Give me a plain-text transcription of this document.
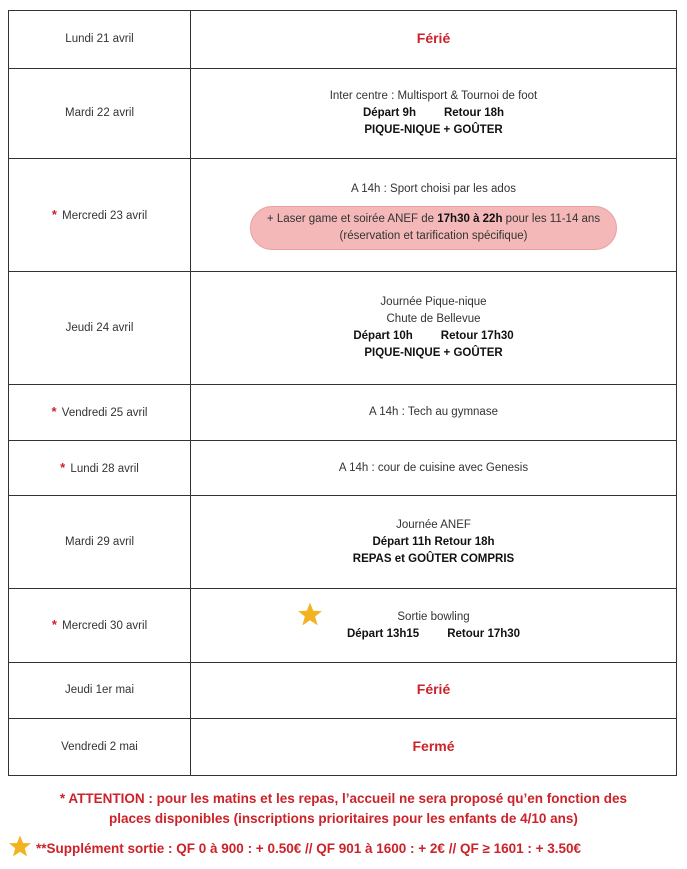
Lundi 21 avril	Férié
Mardi 22 avril	Inter centre : Multisport & Tournoi de foot
Départ 9h Retour 18h
PIQUE-NIQUE + GOÛTER

* Mercredi 23 avril	A 14h : Sport choisi par les ados
+ Laser game et soirée ANEF de 17h30 à 22h pour les 11-14 ans
(réservation et tarification spécifique)

Jeudi 24 avril	Journée Pique-nique
Chute de Bellevue
Départ 10h Retour 17h30
PIQUE-NIQUE + GOÛTER

* Vendredi 25 avril	A 14h : Tech au gymnase
* Lundi 28 avril	A 14h : cour de cuisine avec Genesis
Mardi 29 avril	Journée ANEF
Départ 11h Retour 18h
REPAS et GOÛTER COMPRIS

* Mercredi 30 avril	Sortie bowling
Départ 13h15 Retour 17h30

Jeudi 1er mai	Férié
Vendredi 2 mai	Fermé
* ATTENTION : pour les matins et les repas, l’accueil ne sera proposé qu’en fonction des
places disponibles (inscriptions prioritaires pour les enfants de 4/10 ans)
**Supplément sortie : QF 0 à 900 : + 0.50€ // QF 901 à 1600 : + 2€ // QF ≥ 1601 : + 3.50€
